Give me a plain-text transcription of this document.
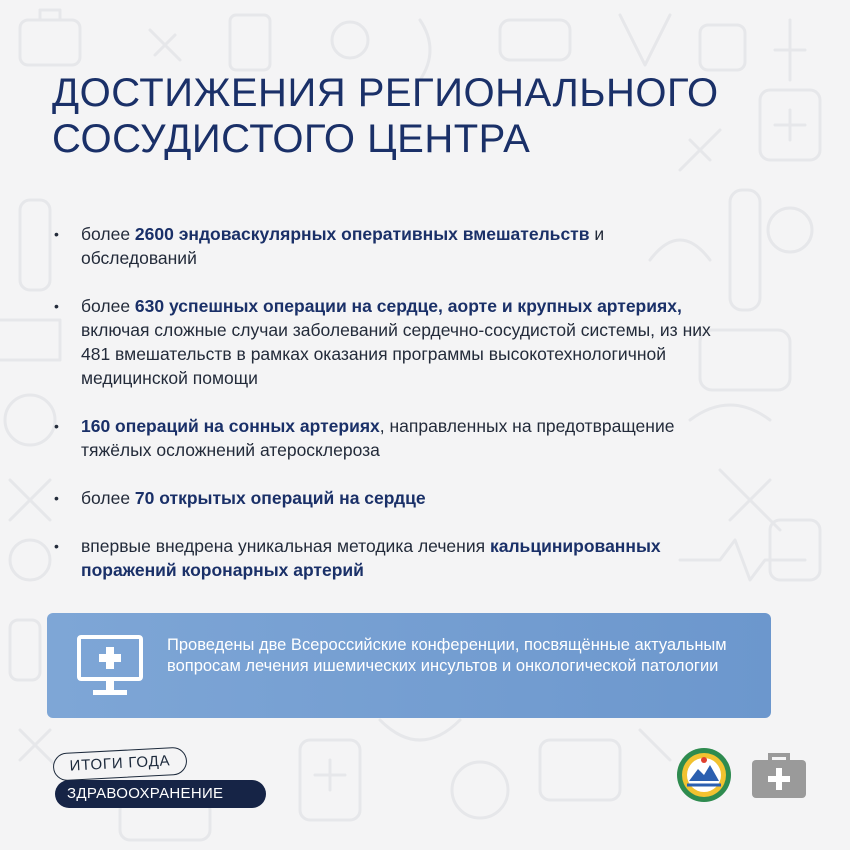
ДОСТИЖЕНИЯ РЕГИОНАЛЬНОГО
СОСУДИСТОГО ЦЕНТРА
• более 2600 эндоваскулярных оперативных вмешательств и обследований
• более 630 успешных операции на сердце, аорте и крупных артериях, включая сложные случаи заболеваний сердечно-сосудистой системы, из них 481 вмешательств в рамках оказания программы высокотехнологичной медицинской помощи
• 160 операций на сонных артериях, направленных на предотвращение тяжёлых осложнений атеросклероза
• более 70 открытых операций на сердце
• впервые внедрена уникальная методика лечения кальцинированных поражений коронарных артерий
Проведены две Всероссийские конференции, посвящённые актуальным вопросам лечения ишемических инсультов и онкологической патологии
ИТОГИ ГОДА
ЗДРАВООХРАНЕНИЕ
